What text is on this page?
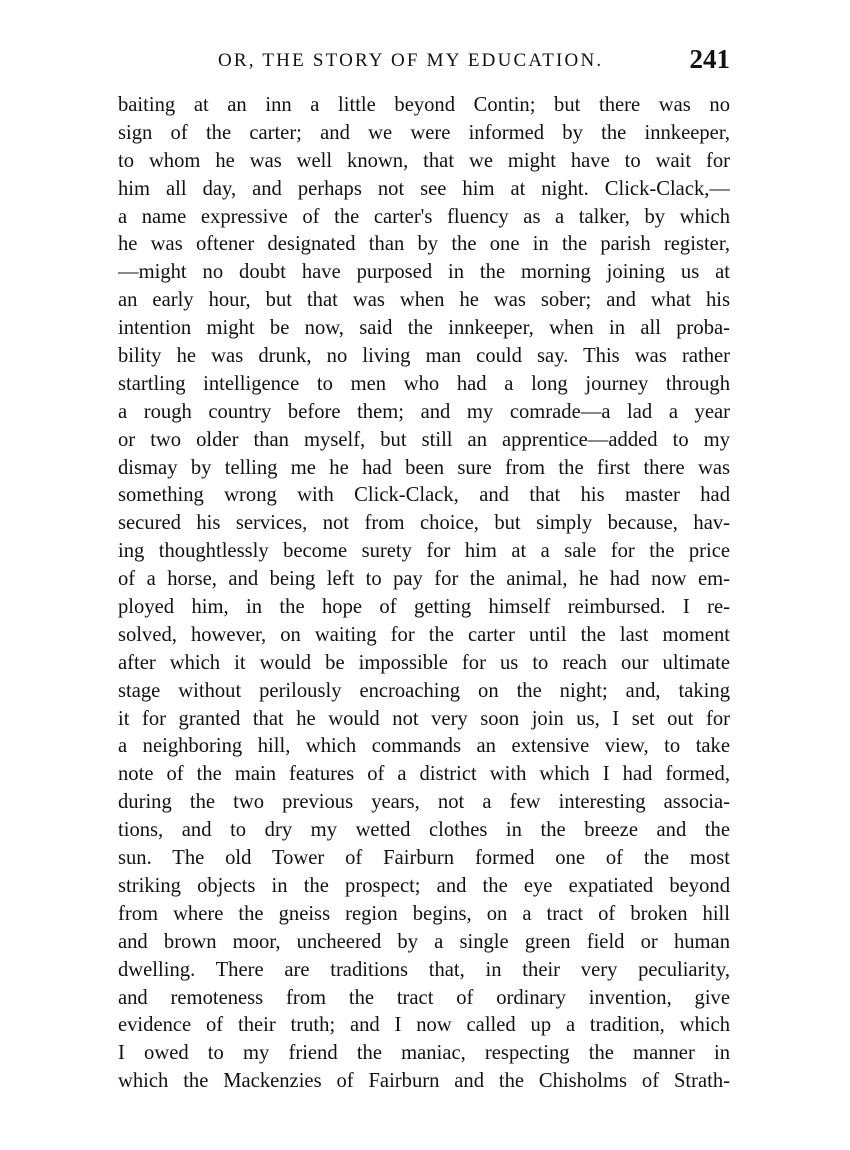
OR, THE STORY OF MY EDUCATION.	241
baiting at an inn a little beyond Contin; but there was no
sign of the carter; and we were informed by the innkeeper,
to whom he was well known, that we might have to wait for
him all day, and perhaps not see him at night. Click-Clack,—
a name expressive of the carter's fluency as a talker, by which
he was oftener designated than by the one in the parish register,
—might no doubt have purposed in the morning joining us at
an early hour, but that was when he was sober; and what his
intention might be now, said the innkeeper, when in all proba-
bility he was drunk, no living man could say. This was rather
startling intelligence to men who had a long journey through
a rough country before them; and my comrade—a lad a year
or two older than myself, but still an apprentice—added to my
dismay by telling me he had been sure from the first there was
something wrong with Click-Clack, and that his master had
secured his services, not from choice, but simply because, hav-
ing thoughtlessly become surety for him at a sale for the price
of a horse, and being left to pay for the animal, he had now em-
ployed him, in the hope of getting himself reimbursed. I re-
solved, however, on waiting for the carter until the last moment
after which it would be impossible for us to reach our ultimate
stage without perilously encroaching on the night; and, taking
it for granted that he would not very soon join us, I set out for
a neighboring hill, which commands an extensive view, to take
note of the main features of a district with which I had formed,
during the two previous years, not a few interesting associa-
tions, and to dry my wetted clothes in the breeze and the
sun. The old Tower of Fairburn formed one of the most
striking objects in the prospect; and the eye expatiated beyond
from where the gneiss region begins, on a tract of broken hill
and brown moor, uncheered by a single green field or human
dwelling. There are traditions that, in their very peculiarity,
and remoteness from the tract of ordinary invention, give
evidence of their truth; and I now called up a tradition, which
I owed to my friend the maniac, respecting the manner in
which the Mackenzies of Fairburn and the Chisholms of Strath-
